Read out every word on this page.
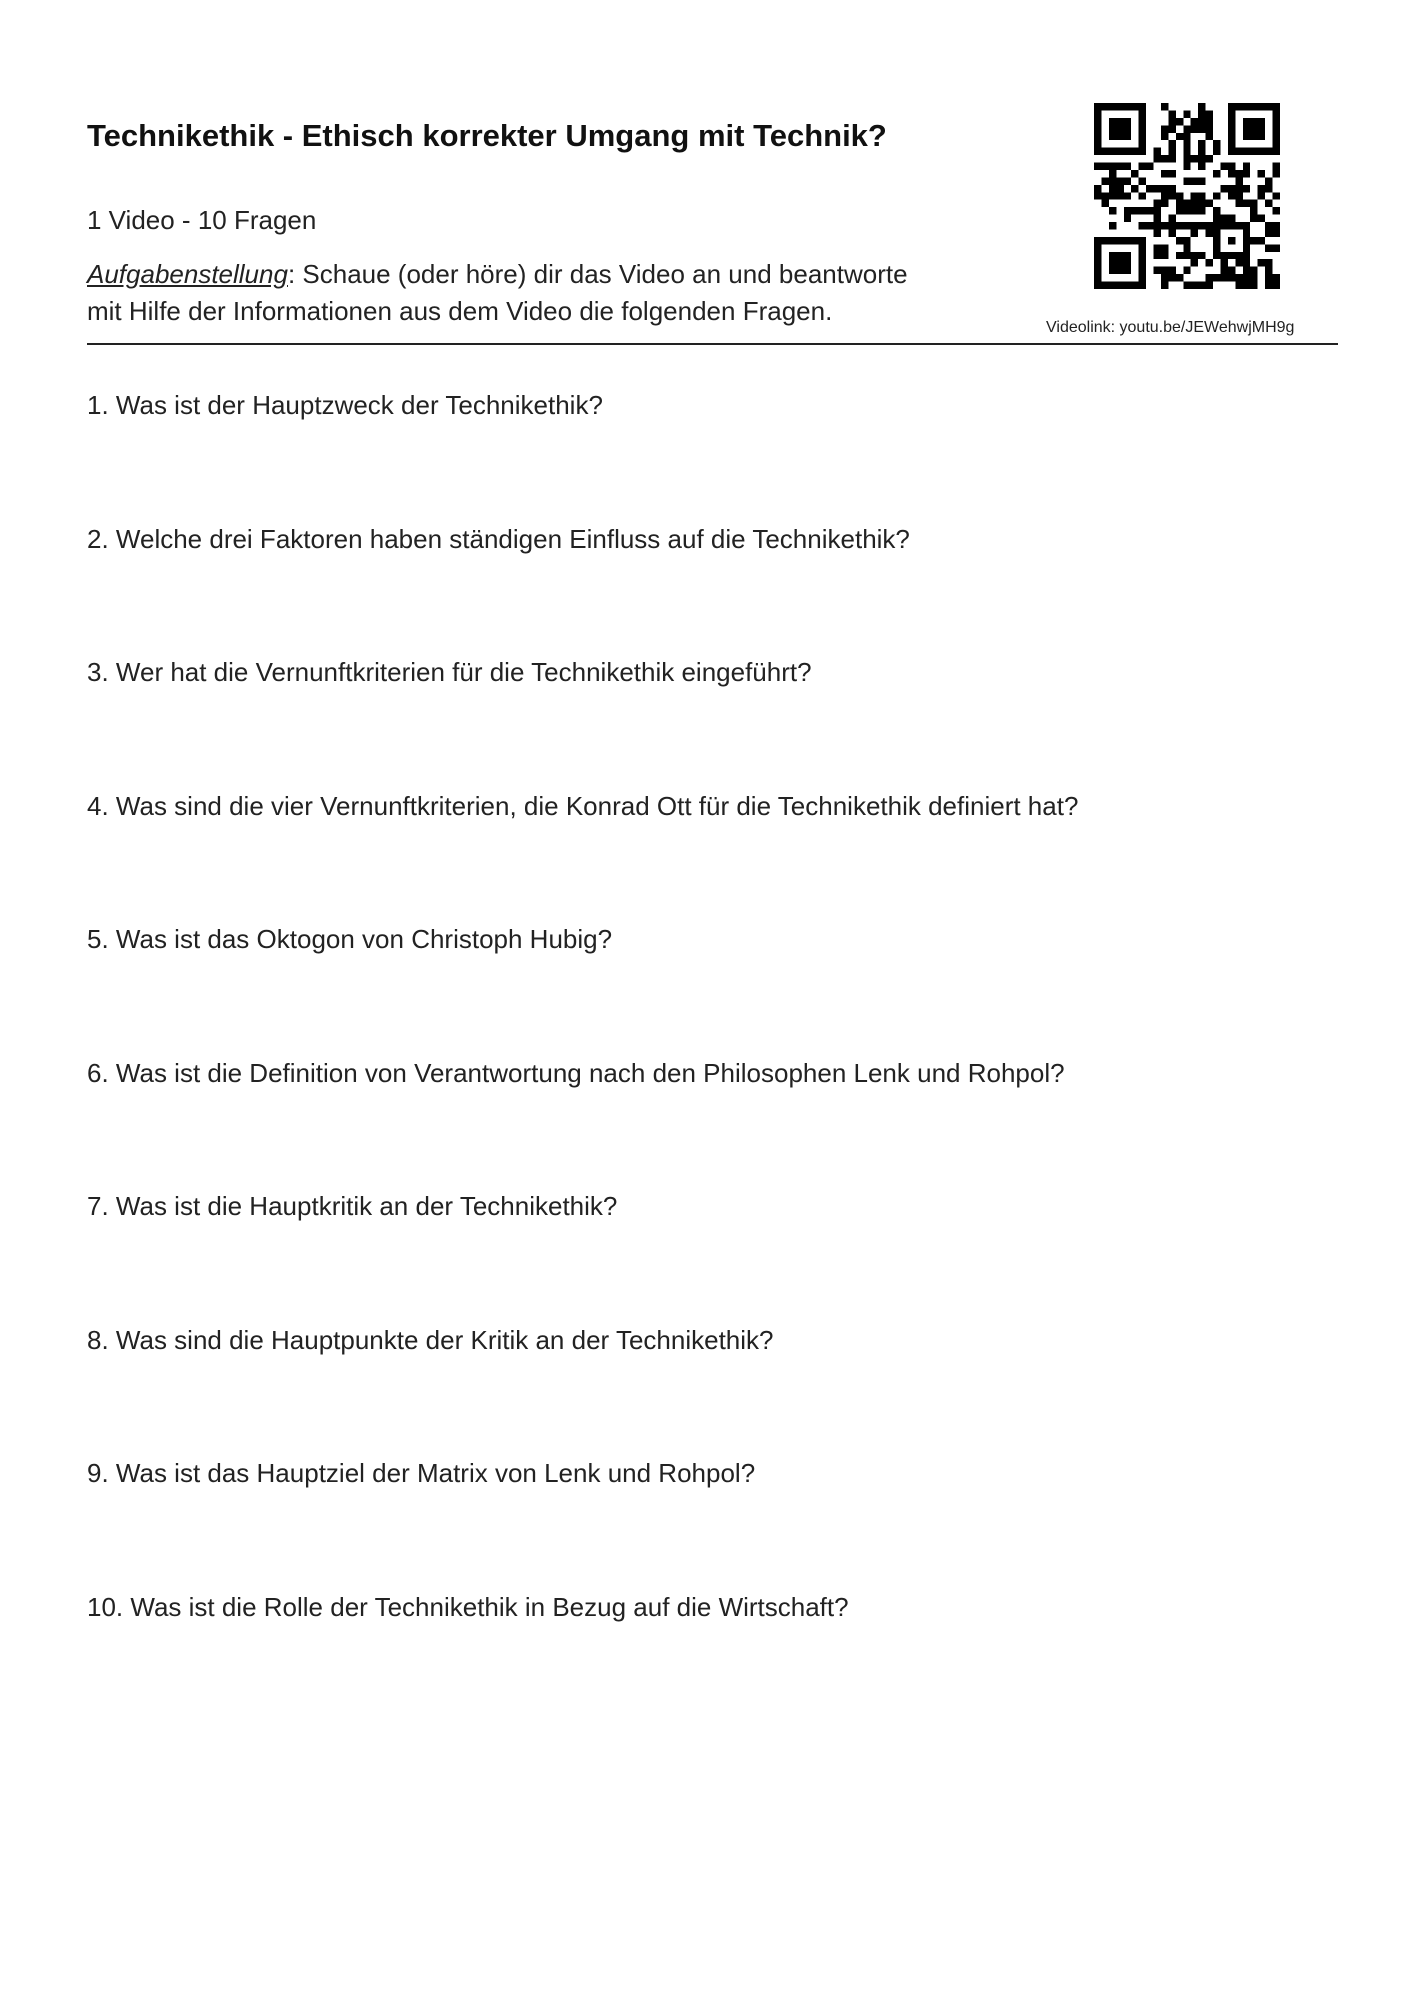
Technikethik - Ethisch korrekter Umgang mit Technik?
1 Video - 10 Fragen
Aufgabenstellung: Schaue (oder höre) dir das Video an und beantworte
mit Hilfe der Informationen aus dem Video die folgenden Fragen.
Videolink: youtu.be/JEWehwjMH9g
1. Was ist der Hauptzweck der Technikethik?
2. Welche drei Faktoren haben ständigen Einfluss auf die Technikethik?
3. Wer hat die Vernunftkriterien für die Technikethik eingeführt?
4. Was sind die vier Vernunftkriterien, die Konrad Ott für die Technikethik definiert hat?
5. Was ist das Oktogon von Christoph Hubig?
6. Was ist die Definition von Verantwortung nach den Philosophen Lenk und Rohpol?
7. Was ist die Hauptkritik an der Technikethik?
8. Was sind die Hauptpunkte der Kritik an der Technikethik?
9. Was ist das Hauptziel der Matrix von Lenk und Rohpol?
10. Was ist die Rolle der Technikethik in Bezug auf die Wirtschaft?
